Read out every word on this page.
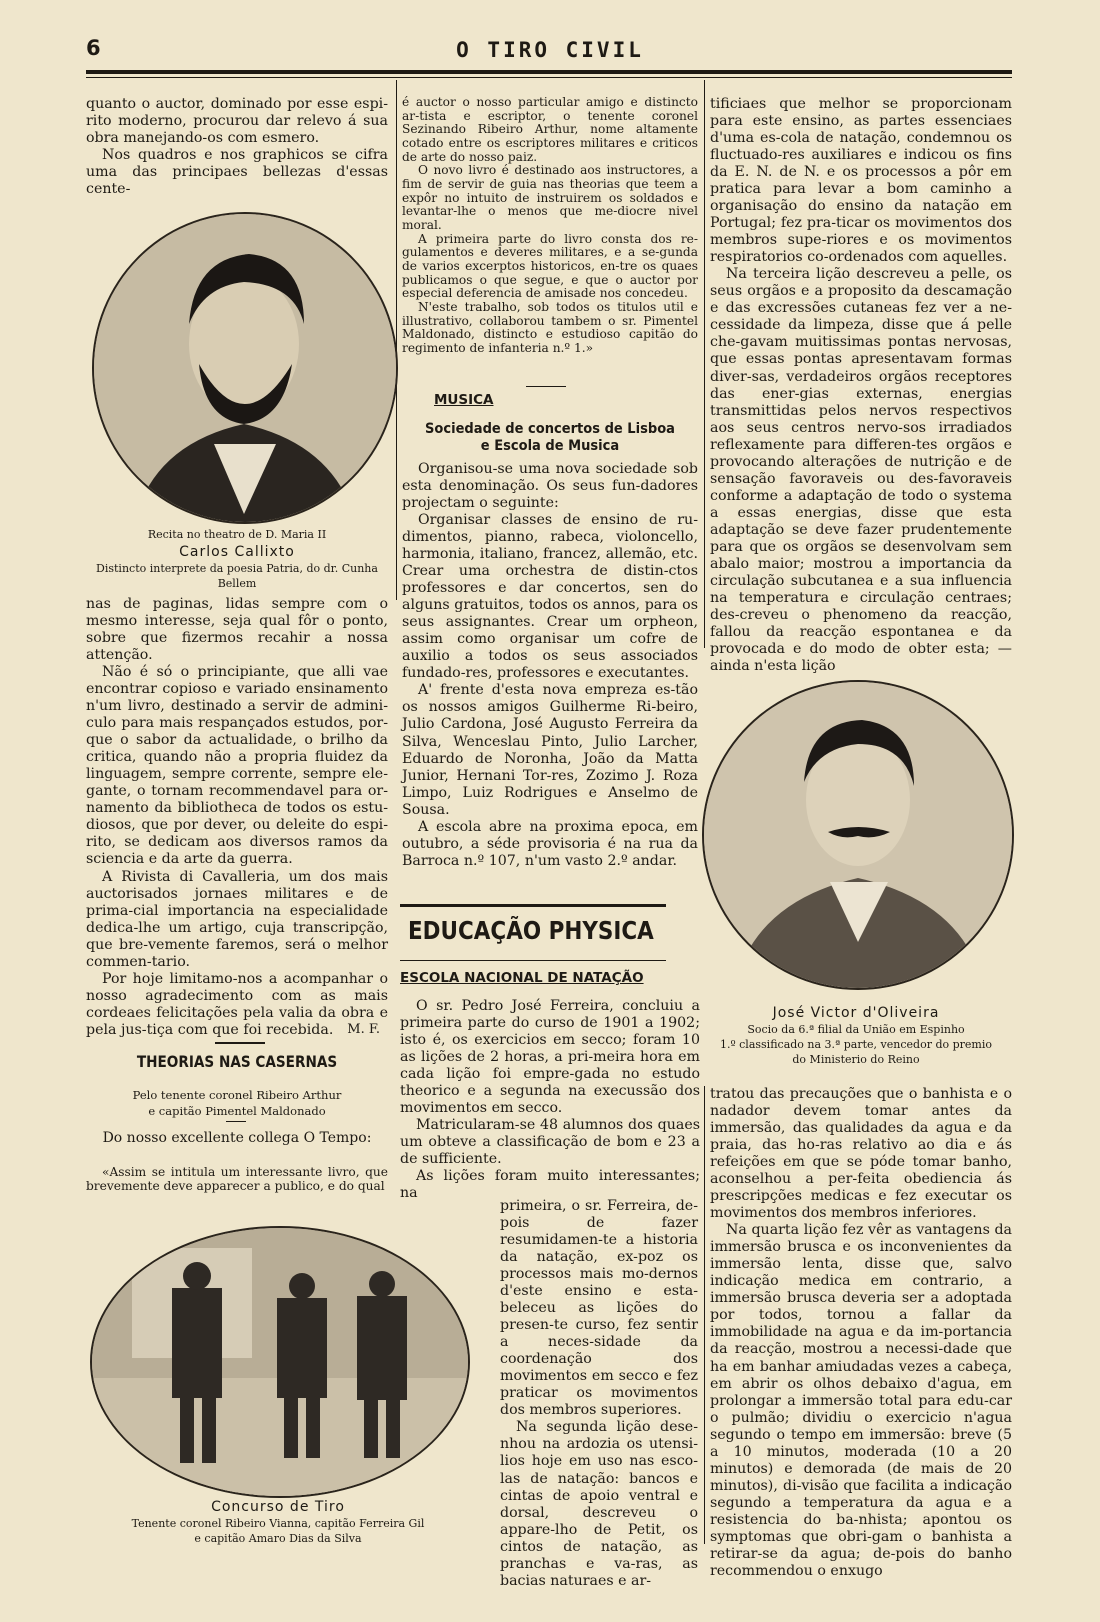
6	O TIRO CIVIL

quanto o auctor, dominado por esse espi-rito moderno, procurou dar relevo á sua obra manejando-os com esmero.

Nos quadros e nos graphicos se cifra uma das principaes bellezas d'essas cente-

Recita no theatro de D. Maria II
Carlos Callixto
Distincto interprete da poesia Patria, do dr. Cunha Bellem

nas de paginas, lidas sempre com o mesmo interesse, seja qual fôr o ponto, sobre que fizermos recahir a nossa attenção.

Não é só o principiante, que alli vae encontrar copioso e variado ensinamento n'um livro, destinado a servir de admini-culo para mais respançados estudos, por-que o sabor da actualidade, o brilho da critica, quando não a propria fluidez da linguagem, sempre corrente, sempre ele-gante, o tornam recommendavel para or-namento da bibliotheca de todos os estu-diosos, que por dever, ou deleite do espi-rito, se dedicam aos diversos ramos da sciencia e da arte da guerra.

A Rivista di Cavalleria, um dos mais auctorisados jornaes militares e de prima-cial importancia na especialidade dedica-lhe um artigo, cuja transcripção, que bre-vemente faremos, será o melhor commen-tario.

Por hoje limitamo-nos a acompanhar o nosso agradecimento com as mais cordeaes felicitações pela valia da obra e pela jus-tiça com que foi recebida.	M. F.
THEORIAS NAS CASERNAS
Pelo tenente coronel Ribeiro Arthur
e capitão Pimentel Maldonado
Do nosso excellente collega O Tempo:

«Assim se intitula um interessante livro, que brevemente deve apparecer a publico, e do qual

Concurso de Tiro
Tenente coronel Ribeiro Vianna, capitão Ferreira Gil
e capitão Amaro Dias da Silva

é auctor o nosso particular amigo e distincto ar-tista e escriptor, o tenente coronel Sezinando Ribeiro Arthur, nome altamente cotado entre os escriptores militares e criticos de arte do nosso paiz.

O novo livro é destinado aos instructores, a fim de servir de guia nas theorias que teem a expôr no intuito de instruirem os soldados e levantar-lhe o menos que me-diocre nivel moral.

A primeira parte do livro consta dos re-gulamentos e deveres militares, e a se-gunda de varios excerptos historicos, en-tre os quaes publicamos o que segue, e que o auctor por especial deferencia de amisade nos concedeu.

N'este trabalho, sob todos os titulos util e illustrativo, collaborou tambem o sr. Pimentel Maldonado, distincto e estudioso capitão do regimento de infanteria n.º 1.»

MUSICA
Sociedade de concertos de Lisboa
e Escola de Musica

Organisou-se uma nova sociedade sob esta denominação. Os seus fun-dadores projectam o seguinte:

Organisar classes de ensino de ru-dimentos, pianno, rabeca, violoncello, harmonia, italiano, francez, allemão, etc. Crear uma orchestra de distin-ctos professores e dar concertos, sen do alguns gratuitos, todos os annos, para os seus assignantes. Crear um orpheon, assim como organisar um cofre de auxilio a todos os seus associados fundado-res, professores e executantes.

A' frente d'esta nova empreza es-tão os nossos amigos Guilherme Ri-beiro, Julio Cardona, José Augusto Ferreira da Silva, Wenceslau Pinto, Julio Larcher, Eduardo de Noronha, João da Matta Junior, Hernani Tor-res, Zozimo J. Roza Limpo, Luiz Rodrigues e Anselmo de Sousa.

A escola abre na proxima epoca, em outubro, a séde provisoria é na rua da Barroca n.º 107, n'um vasto 2.º andar.

EDUCAÇÃO PHYSICA
ESCOLA NACIONAL DE NATAÇÃO

O sr. Pedro José Ferreira, concluiu a primeira parte do curso de 1901 a 1902; isto é, os exercicios em secco; foram 10 as lições de 2 horas, a pri-meira hora em cada lição foi empre-gada no estudo theorico e a segunda na execussão dos movimentos em secco.

Matricularam-se 48 alumnos dos quaes um obteve a classificação de bom e 23 a de sufficiente.

As lições foram muito interessantes; na

primeira, o sr. Ferreira, de-pois de fazer resumidamen-te a historia da natação, ex-poz os processos mais mo-dernos d'este ensino e esta-beleceu as lições do presen-te curso, fez sentir a neces-sidade da coordenação dos movimentos em secco e fez praticar os movimentos dos membros superiores.

Na segunda lição dese-nhou na ardozia os utensi-lios hoje em uso nas esco-las de natação: bancos e cintas de apoio ventral e dorsal, descreveu o appare-lho de Petit, os cintos de natação, as pranchas e va-ras, as bacias naturaes e ar-

tificiaes que melhor se proporcionam para este ensino, as partes essenciaes d'uma es-cola de natação, condemnou os fluctuado-res auxiliares e indicou os fins da E. N. de N. e os processos a pôr em pratica para levar a bom caminho a organisação do ensino da natação em Portugal; fez pra-ticar os movimentos dos membros supe-riores e os movimentos respiratorios co-ordenados com aquelles.

Na terceira lição descreveu a pelle, os seus orgãos e a proposito da descamação e das excressões cutaneas fez ver a ne-cessidade da limpeza, disse que á pelle che-gavam muitissimas pontas nervosas, que essas pontas apresentavam formas diver-sas, verdadeiros orgãos receptores das ener-gias externas, energias transmittidas pelos nervos respectivos aos seus centros nervo-sos irradiados reflexamente para differen-tes orgãos e provocando alterações de nutrição e de sensação favoraveis ou des-favoraveis conforme a adaptação de todo o systema a essas energias, disse que esta adaptação se deve fazer prudentemente para que os orgãos se desenvolvam sem abalo maior; mostrou a importancia da circulação subcutanea e a sua influencia na temperatura e circulação centraes; des-creveu o phenomeno da reacção, fallou da reacção espontanea e da provocada e do modo de obter esta; — ainda n'esta lição

José Victor d'Oliveira
Socio da 6.ª filial da União em Espinho
1.º classificado na 3.ª parte, vencedor do premio
do Ministerio do Reino

tratou das precauções que o banhista e o nadador devem tomar antes da immersão, das qualidades da agua e da praia, das ho-ras relativo ao dia e ás refeições em que se póde tomar banho, aconselhou a per-feita obediencia ás prescripções medicas e fez executar os movimentos dos membros inferiores.

Na quarta lição fez vêr as vantagens da immersão brusca e os inconvenientes da immersão lenta, disse que, salvo indicação medica em contrario, a immersão brusca deveria ser a adoptada por todos, tornou a fallar da immobilidade na agua e da im-portancia da reacção, mostrou a necessi-dade que ha em banhar amiudadas vezes a cabeça, em abrir os olhos debaixo d'agua, em prolongar a immersão total para edu-car o pulmão; dividiu o exercicio n'agua segundo o tempo em immersão: breve (5 a 10 minutos, moderada (10 a 20 minutos) e demorada (de mais de 20 minutos), di-visão que facilita a indicação segundo a temperatura da agua e a resistencia do ba-nhista; apontou os symptomas que obri-gam o banhista a retirar-se da agua; de-pois do banho recommendou o enxugo
